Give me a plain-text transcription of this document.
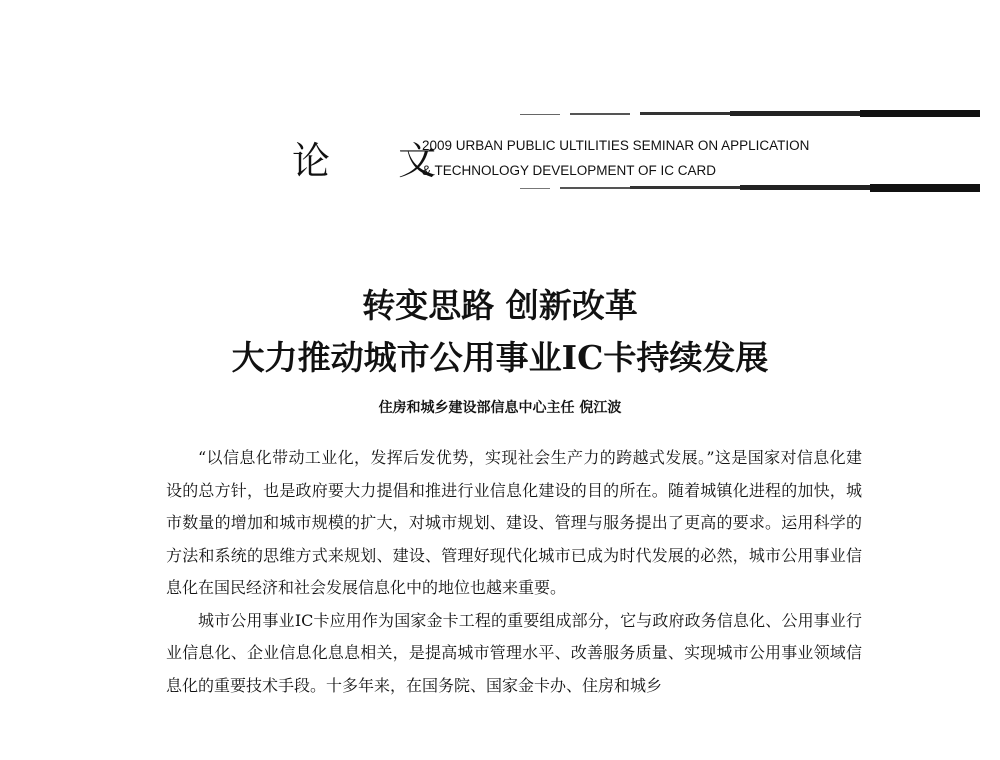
论 文
2009 URBAN PUBLIC ULTILITIES SEMINAR ON APPLICATION
& TECHNOLOGY DEVELOPMENT OF IC CARD
转变思路 创新改革
大力推动城市公用事业IC卡持续发展
住房和城乡建设部信息中心主任 倪江波

“以信息化带动工业化，发挥后发优势，实现社会生产力的跨越式发展。”这是国家对信息化建设的总方针，也是政府要大力提倡和推进行业信息化建设的目的所在。随着城镇化进程的加快，城市数量的增加和城市规模的扩大，对城市规划、建设、管理与服务提出了更高的要求。运用科学的方法和系统的思维方式来规划、建设、管理好现代化城市已成为时代发展的必然，城市公用事业信息化在国民经济和社会发展信息化中的地位也越来重要。

城市公用事业IC卡应用作为国家金卡工程的重要组成部分，它与政府政务信息化、公用事业行业信息化、企业信息化息息相关，是提高城市管理水平、改善服务质量、实现城市公用事业领域信息化的重要技术手段。十多年来，在国务院、国家金卡办、住房和城乡
